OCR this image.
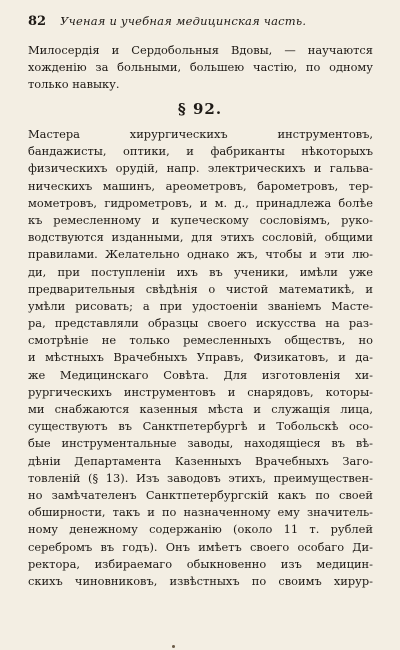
82 Ученая и учебная медицинская часть.
Милосердія и Сердобольныя Вдовы, — научаются
хожденію за больными, большею частію, по одному
только навыку.
§ 92.
Мастера хирургическихъ инструментовъ,
бандажисты, оптики, и фабриканты нѣкоторыхъ
физическихъ орудій, напр. электрическихъ и гальва-
ническихъ машинъ, ареометровъ, барометровъ, тер-
мометровъ, гидрометровъ, и м. д., принадлежа болѣе
къ ремесленному и купеческому сословіямъ, руко-
водствуются изданными, для этихъ сословій, общими
правилами. Желательно однако жъ, чтобы и эти лю-
ди, при поступленіи ихъ въ ученики, имѣли уже
предварительныя свѣдѣнія о чистой математикѣ, и
умѣли рисовать; а при удостоеніи званіемъ Масте-
ра, представляли образцы своего искусства на раз-
смотрѣніе не только ремесленныхъ обществъ, но
и мѣстныхъ Врачебныхъ Управъ, Физикатовъ, и да-
же Медицинскаго Совѣта. Для изготовленія хи-
рургическихъ инструментовъ и снарядовъ, которы-
ми снабжаются казенныя мѣста и служащія лица,
существуютъ въ Санктпетербургѣ и Тобольскѣ осо-
бые инструментальные заводы, находящіеся въ вѣ-
дѣніи Департамента Казенныхъ Врачебныхъ Заго-
товленій (§ 13). Изъ заводовъ этихъ, преимуществен-
но замѣчателенъ Санктпетербургскій какъ по своей
обширности, такъ и по назначенному ему значитель-
ному денежному содержанію (около 11 т. рублей
серебромъ въ годъ). Онъ имѣетъ своего особаго Ди-
ректора, избираемаго обыкновенно изъ медицин-
скихъ чиновниковъ, извѣстныхъ по своимъ хирур-
